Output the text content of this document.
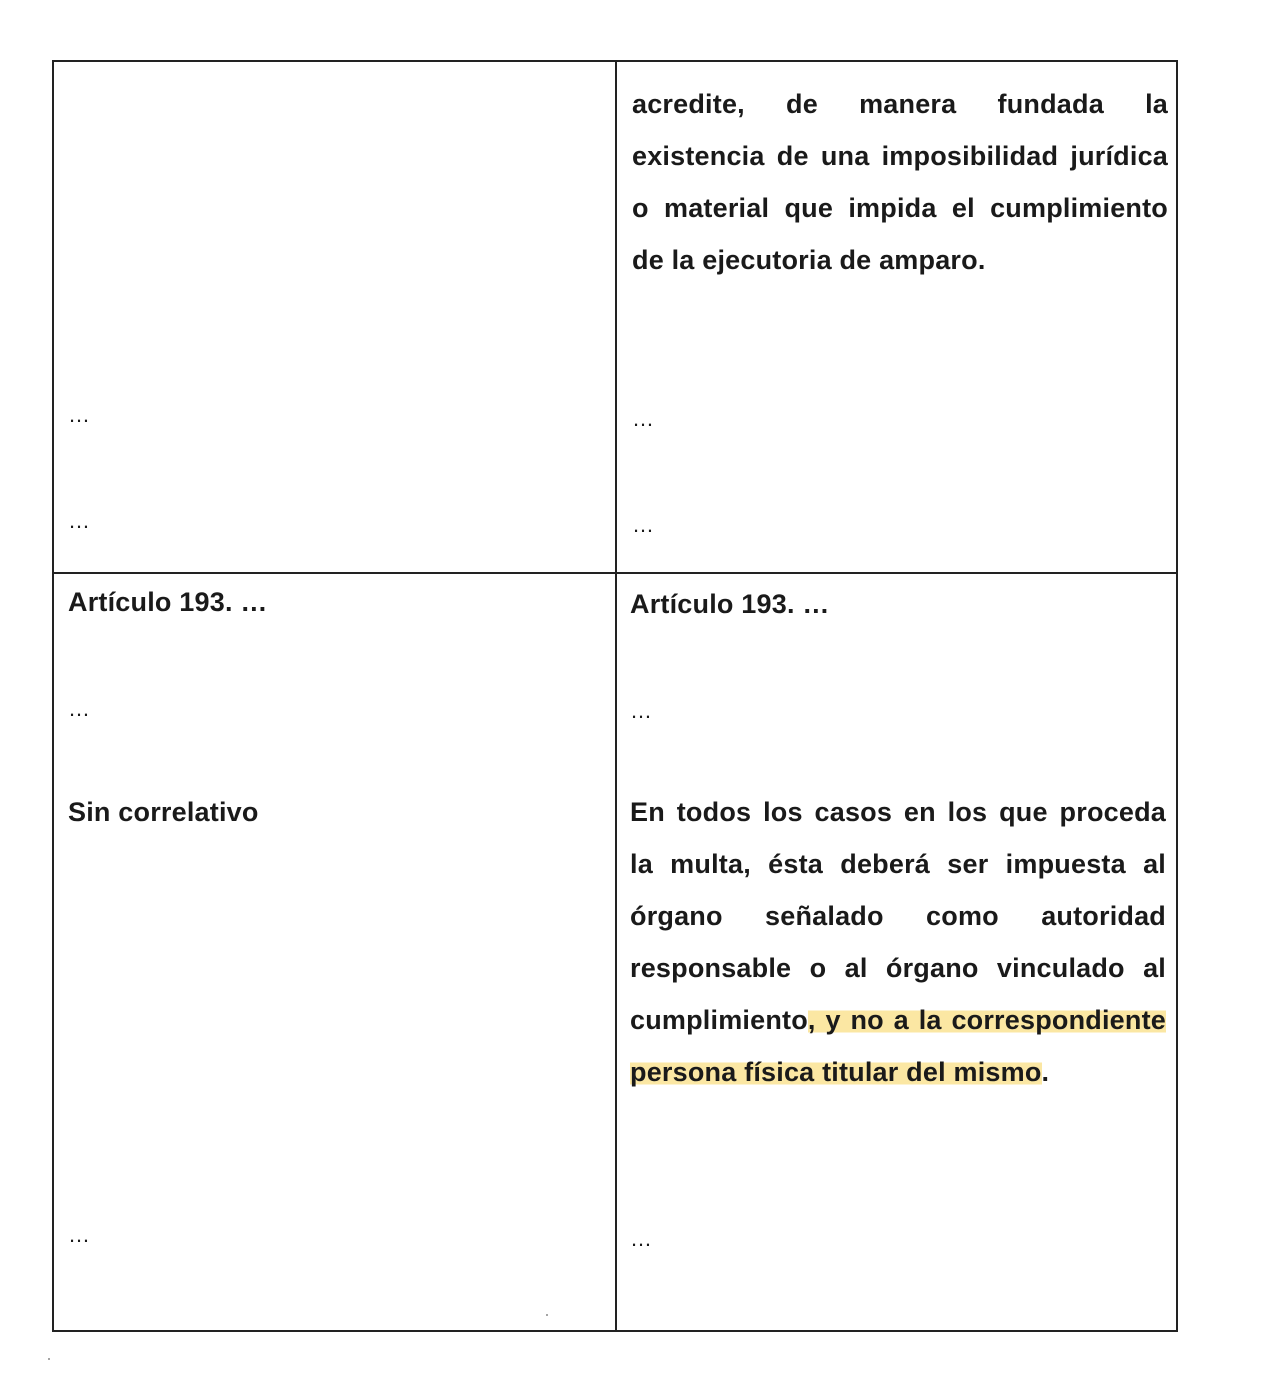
…
…
acredite, de manera fundada la existencia de una imposibilidad jurídica o material que impida el cumplimiento de la ejecutoria de amparo.
…
…
Artículo 193. …
…
Sin correlativo
…
Artículo 193. …
…
En todos los casos en los que proceda la multa, ésta deberá ser impuesta al órgano señalado como autoridad responsable o al órgano vinculado al cumplimiento, y no a la correspondiente persona física titular del mismo.
…
